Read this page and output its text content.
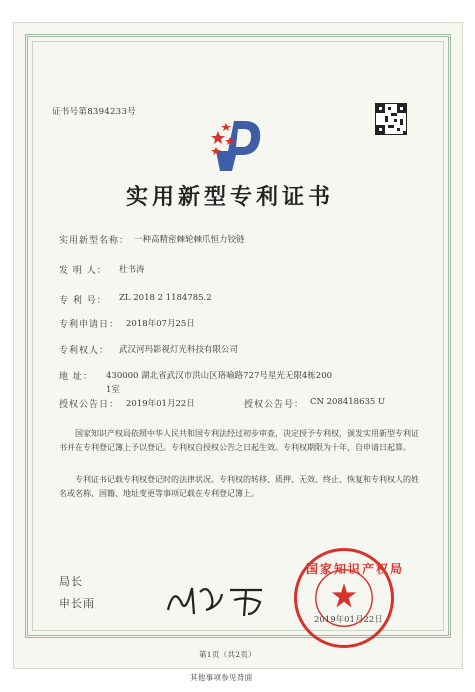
证书号第8394233号
实用新型专利证书
实用新型名称： 一种高精密棘轮棘爪恒力铰链
发 明 人： 杜书涛
专 利 号： ZL 2018 2 1184785.2
专利申请日： 2018年07月25日
专利权人： 武汉河玛影视灯光科技有限公司
地 址： 430000 湖北省武汉市洪山区珞喻路727号星光无限4栋200
1室
授权公告日： 2019年01月22日	授权公告号： CN 208418635 U
国家知识产权局依照中华人民共和国专利法经过初步审查，决定授予专利权，颁发实用新型专利证书并在专利登记簿上予以登记。专利权自授权公告之日起生效。专利权期限为十年，自申请日起算。
专利证书记载专利权登记时的法律状况。专利权的转移、质押、无效、终止、恢复和专利权人的姓名或名称、国籍、地址变更等事项记载在专利登记簿上。
局长
申长雨
国家知识产权局
2019年01月22日
第1页（共2页）
其他事项参见背面
